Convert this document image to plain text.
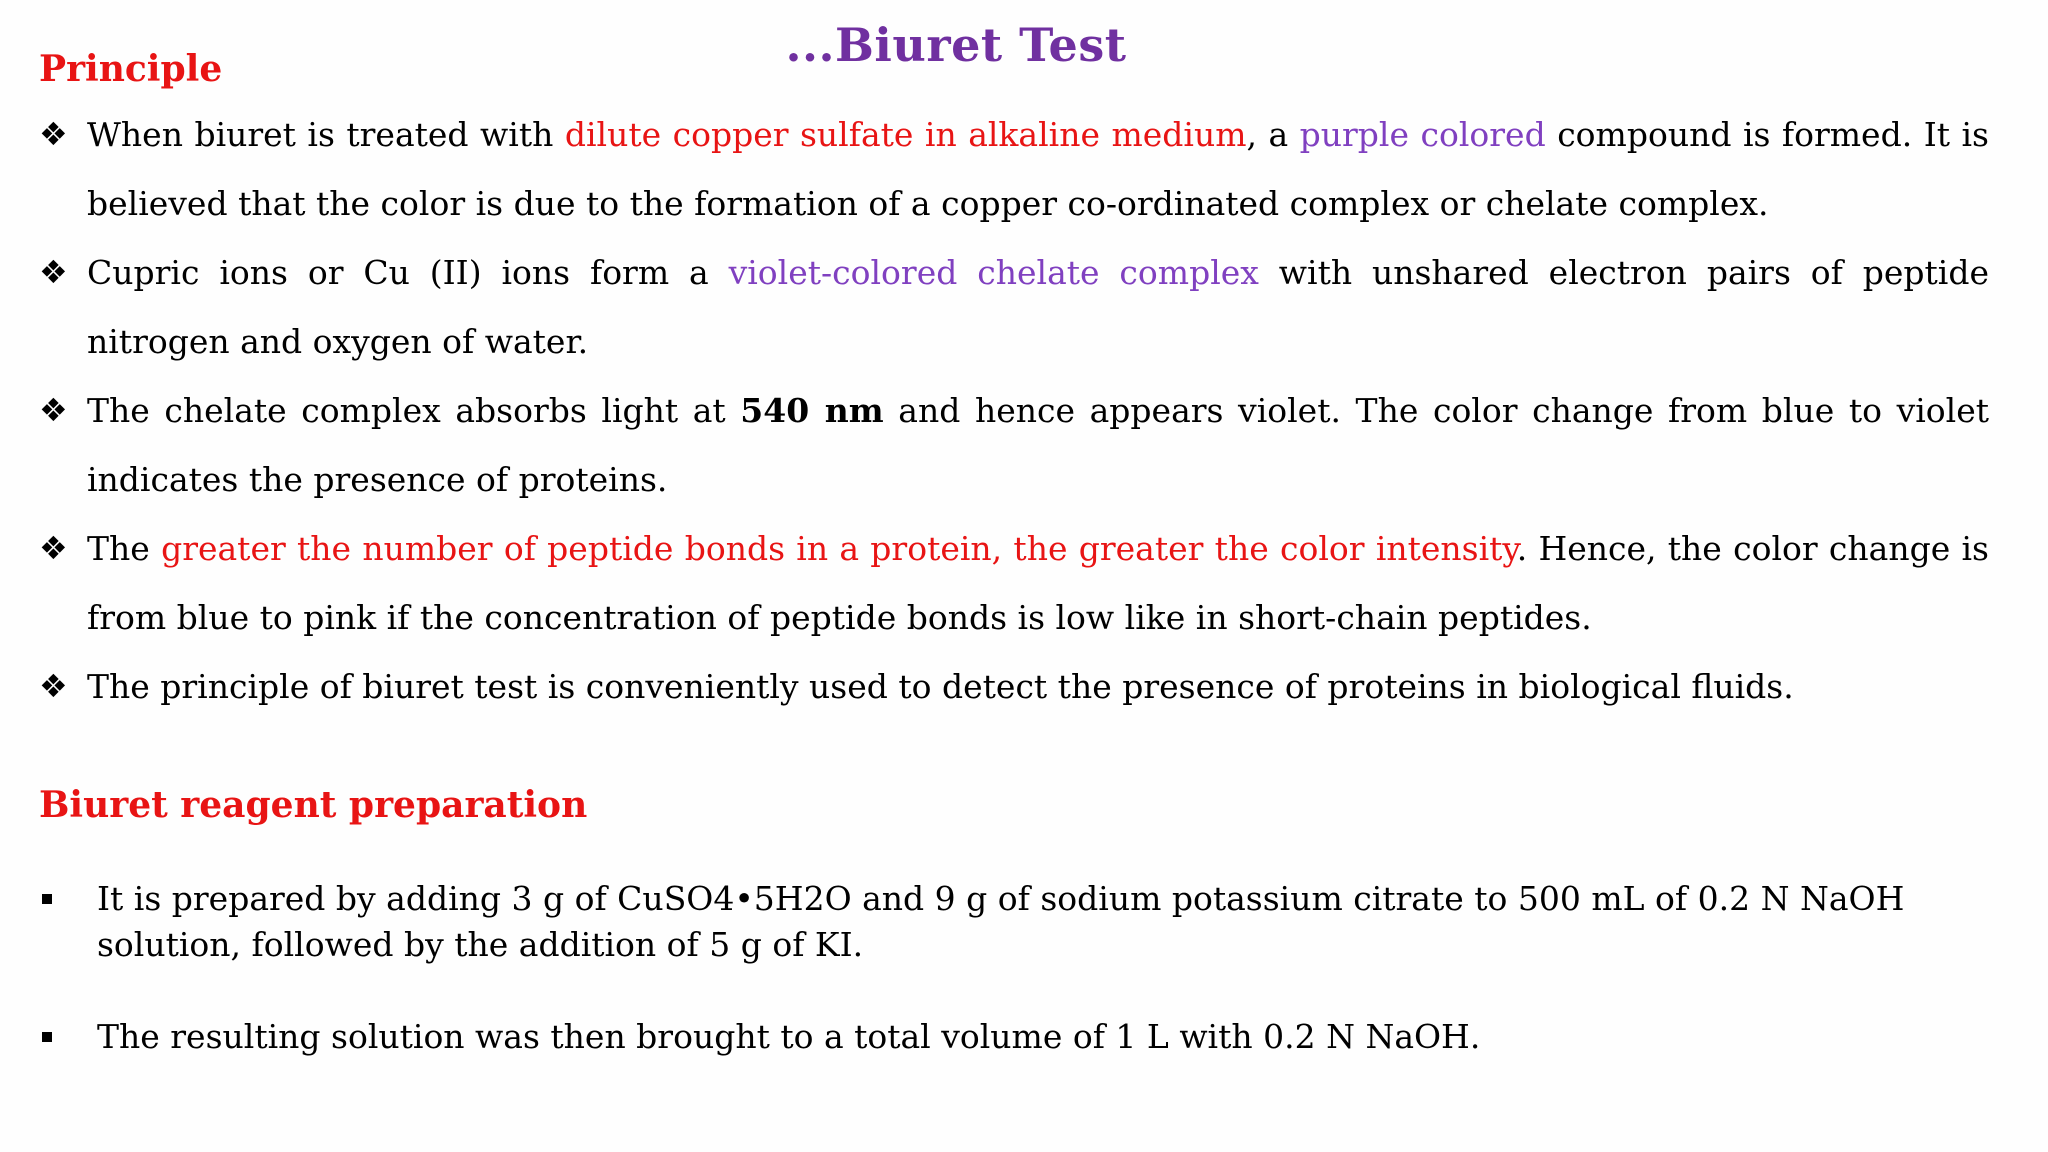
...Biuret Test
Principle
❖ When biuret is treated with dilute copper sulfate in alkaline medium, a purple colored compound is formed. It is believed that the color is due to the formation of a copper co-ordinated complex or chelate complex.
❖ Cupric ions or Cu (II) ions form a violet-colored chelate complex with unshared electron pairs of peptide nitrogen and oxygen of water.
❖ The chelate complex absorbs light at 540 nm and hence appears violet. The color change from blue to violet indicates the presence of proteins.
❖ The greater the number of peptide bonds in a protein, the greater the color intensity. Hence, the color change is from blue to pink if the concentration of peptide bonds is low like in short-chain peptides.
❖ The principle of biuret test is conveniently used to detect the presence of proteins in biological fluids.
Biuret reagent preparation
It is prepared by adding 3 g of CuSO4•5H2O and 9 g of sodium potassium citrate to 500 mL of 0.2 N NaOH solution, followed by the addition of 5 g of KI.
The resulting solution was then brought to a total volume of 1 L with 0.2 N NaOH.
